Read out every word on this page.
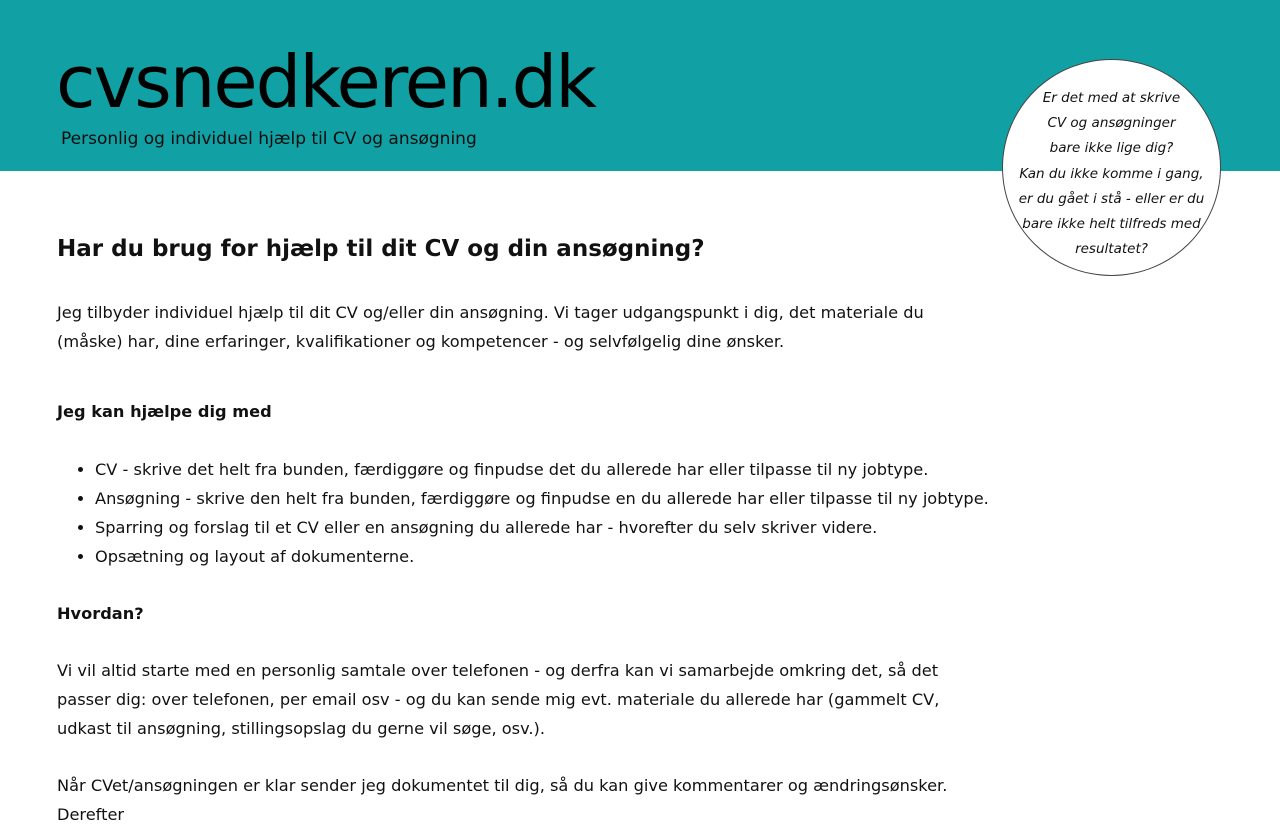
cvsnedkeren.dk

Personlig og individuel hjælp til CV og ansøgning

Er det med at skrive
CV og ansøgninger
bare ikke lige dig?
Kan du ikke komme i gang,
er du gået i stå - eller er du
bare ikke helt tilfreds med
resultatet?
Har du brug for hjælp til dit CV og din ansøgning?

Jeg tilbyder individuel hjælp til dit CV og/eller din ansøgning. Vi tager udgangspunkt i dig, det materiale du (måske) har, dine erfaringer, kvalifikationer og kompetencer - og selvfølgelig dine ønsker.

Jeg kan hjælpe dig med

• CV - skrive det helt fra bunden, færdiggøre og finpudse det du allerede har eller tilpasse til ny jobtype.
• Ansøgning - skrive den helt fra bunden, færdiggøre og finpudse en du allerede har eller tilpasse til ny jobtype.
• Sparring og forslag til et CV eller en ansøgning du allerede har - hvorefter du selv skriver videre.
• Opsætning og layout af dokumenterne.

Hvordan?

Vi vil altid starte med en personlig samtale over telefonen - og derfra kan vi samarbejde omkring det, så det passer dig: over telefonen, per email osv - og du kan sende mig evt. materiale du allerede har (gammelt CV, udkast til ansøgning, stillingsopslag du gerne vil søge, osv.).

Når CVet/ansøgningen er klar sender jeg dokumentet til dig, så du kan give kommentarer og ændringsønsker. Derefter
